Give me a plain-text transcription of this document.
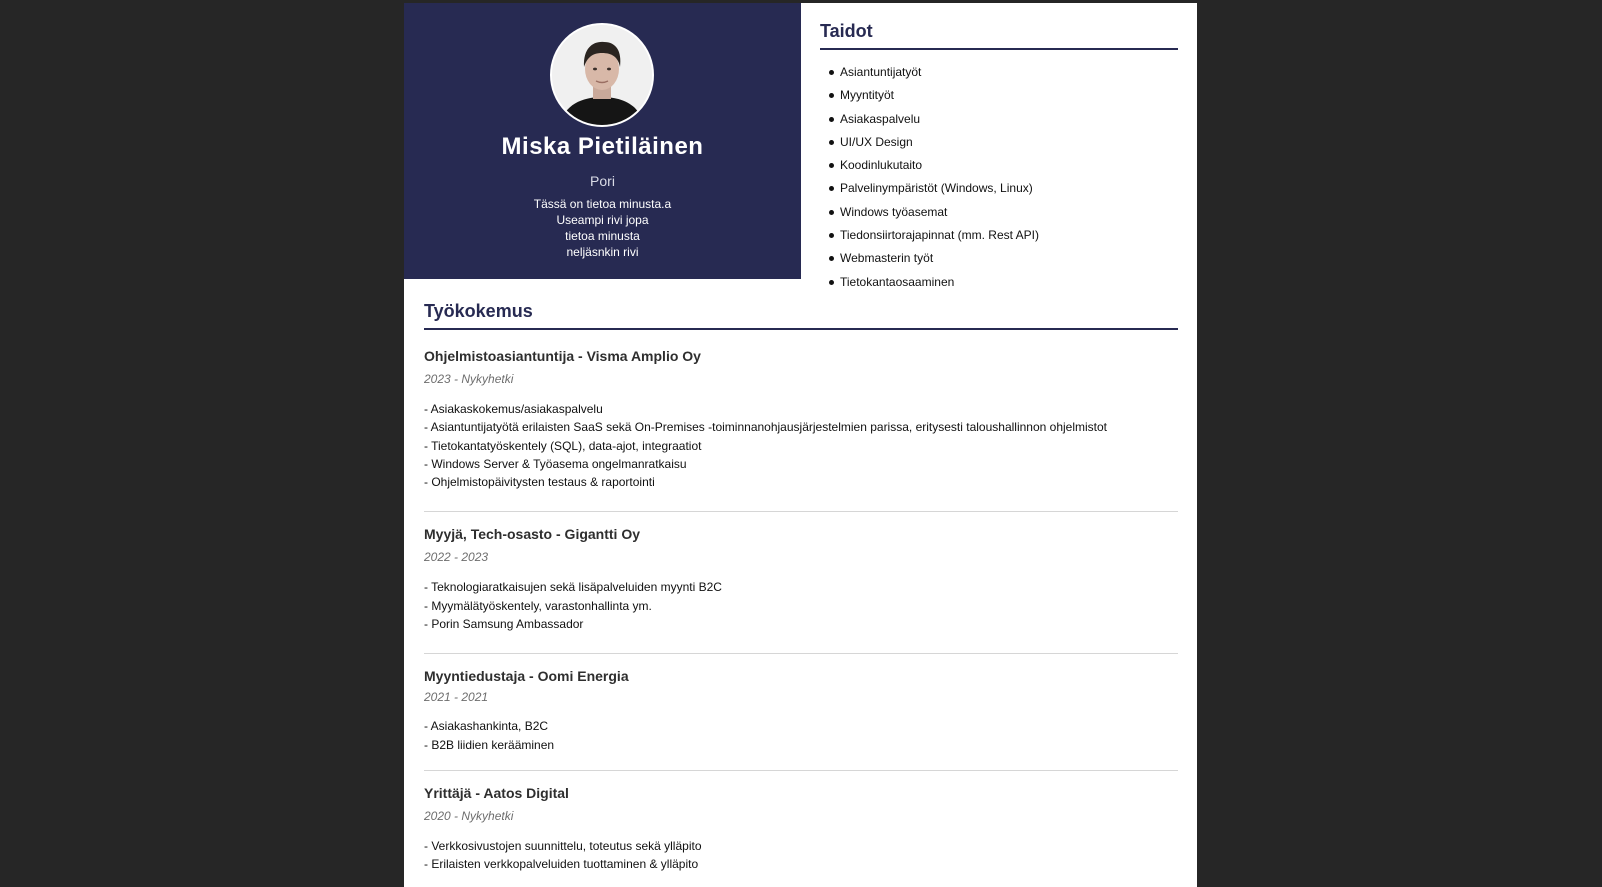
Miska Pietiläinen
Pori
Tässä on tietoa minusta.a
Useampi rivi jopa
tietoa minusta
neljäsnkin rivi
Taidot
Asiantuntijatyöt
Myyntityöt
Asiakaspalvelu
UI/UX Design
Koodinlukutaito
Palvelinympäristöt (Windows, Linux)
Windows työasemat
Tiedonsiirtorajapinnat (mm. Rest API)
Webmasterin työt
Tietokantaosaaminen
Työkokemus
Ohjelmistoasiantuntija - Visma Amplio Oy
2023 - Nykyhetki
- Asiakaskokemus/asiakaspalvelu
- Asiantuntijatyötä erilaisten SaaS sekä On-Premises -toiminnanohjausjärjestelmien parissa, eritysesti taloushallinnon ohjelmistot
- Tietokantatyöskentely (SQL), data-ajot, integraatiot
- Windows Server & Työasema ongelmanratkaisu
- Ohjelmistopäivitysten testaus & raportointi
Myyjä, Tech-osasto - Gigantti Oy
2022 - 2023
- Teknologiaratkaisujen sekä lisäpalveluiden myynti B2C
- Myymälätyöskentely, varastonhallinta ym.
- Porin Samsung Ambassador
Myyntiedustaja - Oomi Energia
2021 - 2021
- Asiakashankinta, B2C
- B2B liidien kerääminen
Yrittäjä - Aatos Digital
2020 - Nykyhetki
- Verkkosivustojen suunnittelu, toteutus sekä ylläpito
- Erilaisten verkkopalveluiden tuottaminen & ylläpito
